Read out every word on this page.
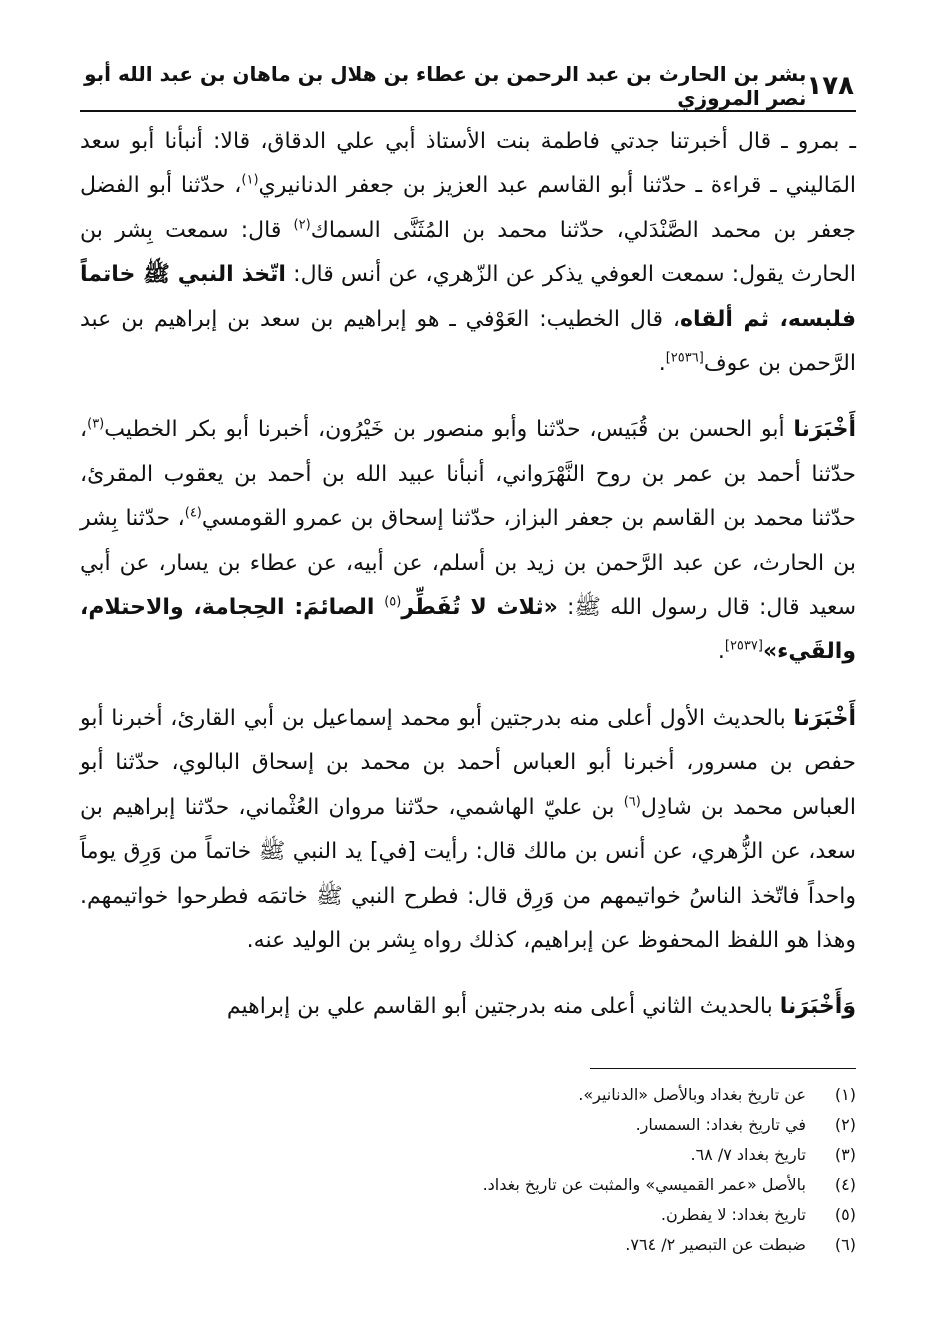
١٧٨
بشر بن الحارث بن عبد الرحمن بن عطاء بن هلال بن ماهان بن عبد الله أبو نصر المروزي

ـ بمرو ـ قال أخبرتنا جدتي فاطمة بنت الأستاذ أبي علي الدقاق، قالا: أنبأنا أبو سعد المَاليني ـ قراءة ـ حدّثنا أبو القاسم عبد العزيز بن جعفر الدنانيري$^{(١)}$، حدّثنا أبو الفضل جعفر بن محمد الصَّنْدَلي، حدّثنا محمد بن المُثَنَّى السماك$^{(٢)}$ قال: سمعت بِشر بن الحارث يقول: سمعت العوفي يذكر عن الزّهري، عن أنس قال: اتّخذ النبي ﷺ خاتماً فلبسه، ثم ألقاه، قال الخطيب: العَوْفي ـ هو إبراهيم بن سعد بن إبراهيم بن عبد الرَّحمن بن عوف[٢٥٣٦].

أَخْبَرَنا أبو الحسن بن قُبَيس، حدّثنا وأبو منصور بن خَيْرُون، أخبرنا أبو بكر الخطيب$^{(٣)}$، حدّثنا أحمد بن عمر بن روح النَّهْرَواني، أنبأنا عبيد الله بن أحمد بن يعقوب المقرئ، حدّثنا محمد بن القاسم بن جعفر البزاز، حدّثنا إسحاق بن عمرو القومسي$^{(٤)}$، حدّثنا بِشر بن الحارث، عن عبد الرَّحمن بن زيد بن أسلم، عن أبيه، عن عطاء بن يسار، عن أبي سعيد قال: قال رسول الله ﷺ: «ثلاث لا تُفَطِّر$^{(٥)}$ الصائمَ: الحِجامة، والاحتلام، والقَيء»[٢٥٣٧].

أَخْبَرَنا بالحديث الأول أعلى منه بدرجتين أبو محمد إسماعيل بن أبي القارئ، أخبرنا أبو حفص بن مسرور، أخبرنا أبو العباس أحمد بن محمد بن إسحاق البالوي، حدّثنا أبو العباس محمد بن شادِل$^{(٦)}$ بن عليّ الهاشمي، حدّثنا مروان العُثْماني، حدّثنا إبراهيم بن سعد، عن الزُّهري، عن أنس بن مالك قال: رأيت [في] يد النبي ﷺ خاتماً من وَرِق يوماً واحداً فاتّخذ الناسُ خواتيمهم من وَرِق قال: فطرح النبي ﷺ خاتمَه فطرحوا خواتيمهم. وهذا هو اللفظ المحفوظ عن إبراهيم، كذلك رواه بِشر بن الوليد عنه.

وَأَخْبَرَنا بالحديث الثاني أعلى منه بدرجتين أبو القاسم علي بن إبراهيم

(١)
عن تاريخ بغداد وبالأصل «الدنانير».
(٢)
في تاريخ بغداد: السمسار.
(٣)
تاريخ بغداد ٧/ ٦٨.
(٤)
بالأصل «عمر القميسي» والمثبت عن تاريخ بغداد.
(٥)
تاريخ بغداد: لا يفطرن.
(٦)
ضبطت عن التبصير ٢/ ٧٦٤.
